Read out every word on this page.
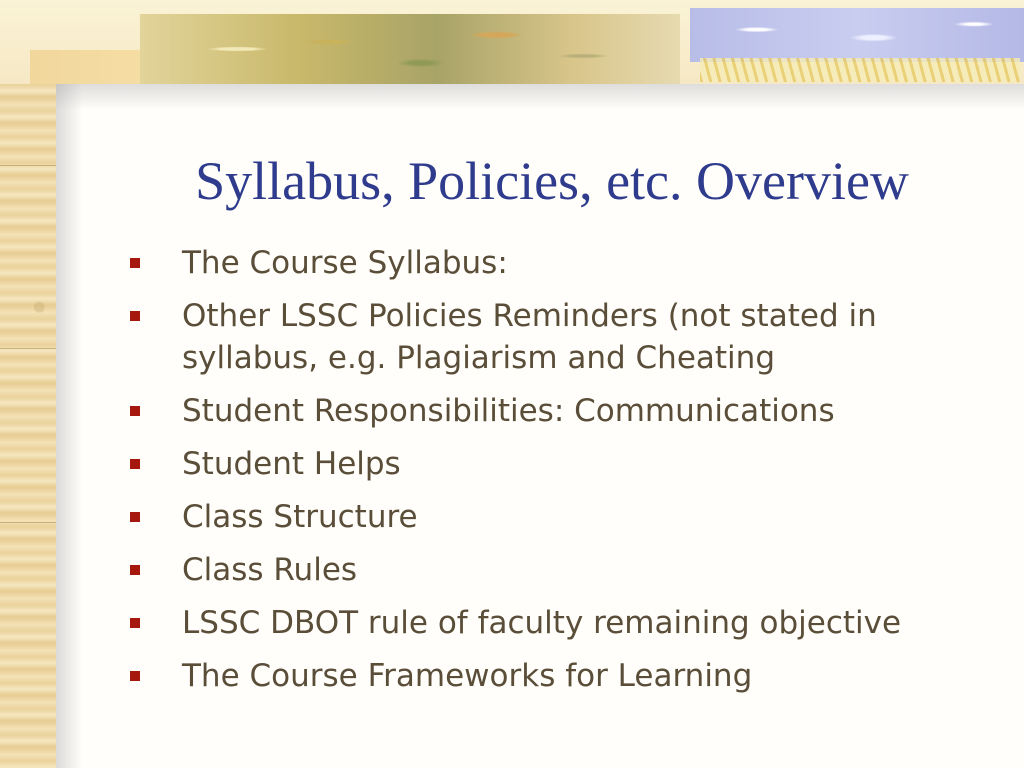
Syllabus, Policies, etc. Overview
The Course Syllabus:
Other LSSC Policies Reminders (not stated in syllabus, e.g. Plagiarism and Cheating
Student Responsibilities: Communications
Student Helps
Class Structure
Class Rules
LSSC DBOT rule of faculty remaining objective
The Course Frameworks for Learning
